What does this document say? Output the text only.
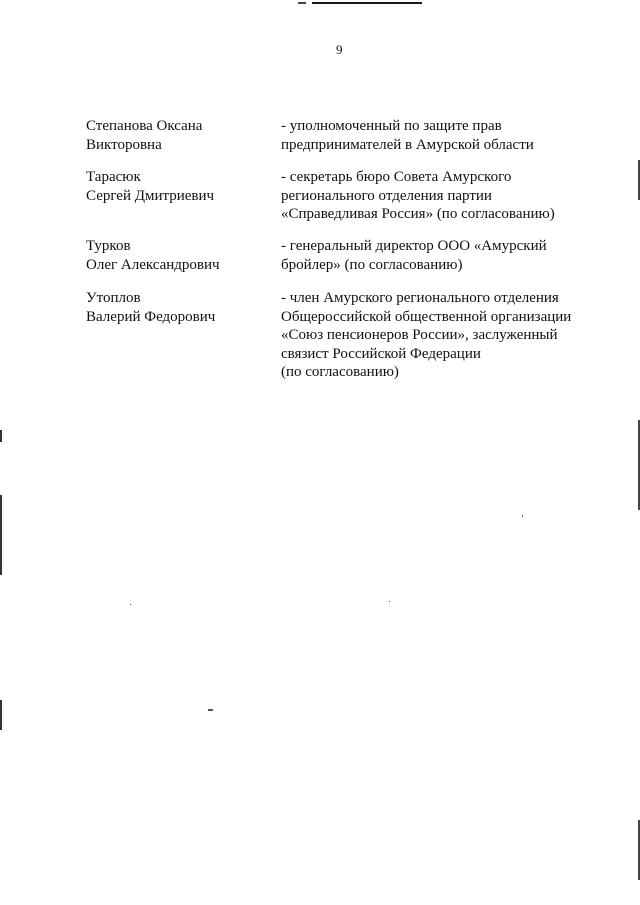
9
Степанова Оксана
Викторовна
- уполномоченный по защите прав
предпринимателей в Амурской области
Тарасюк
Сергей Дмитриевич
- секретарь бюро Совета Амурского
регионального отделения партии
«Справедливая Россия» (по согласованию)
Турков
Олег Александрович
- генеральный директор ООО «Амурский
бройлер» (по согласованию)
Утоплов
Валерий Федорович
- член Амурского регионального отделения
Общероссийской общественной организации
«Союз пенсионеров России», заслуженный
связист Российской Федерации
(по согласованию)
